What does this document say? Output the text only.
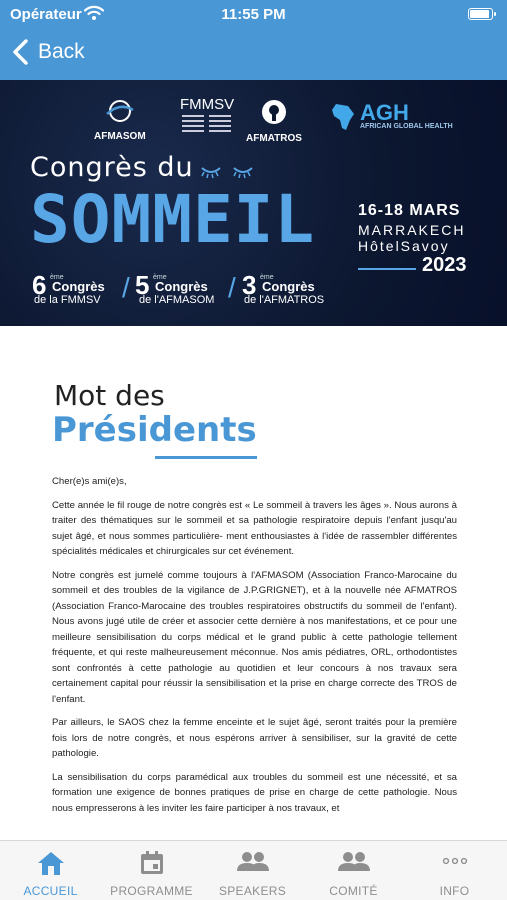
Opérateur	11:55 PM
Back
AFMASOM
FMMSV
AFMATROS
AGH
AFRICAN GLOBAL HEALTH
Congrès du
SOMMEIL	16-18 MARS
MARRAKECH
HôtelSavoy
2023
6 ème
Congrès
de la FMMSV / 5 ème
Congrès
de l'AFMASOM / 3 ème
Congrès
de l'AFMATROS
Mot des
Présidents

Cher(e)s ami(e)s,

Cette année le fil rouge de notre congrès est « Le sommeil à travers les âges ». Nous aurons à traiter des thématiques sur le sommeil et sa pathologie respiratoire depuis l'enfant jusqu'au sujet âgé, et nous sommes particulière- ment enthousiastes à l'idée de rassembler différentes spécialités médicales et chirurgicales sur cet événement.

Notre congrès est jumelé comme toujours à l'AFMASOM (Association Franco-Marocaine du sommeil et des troubles de la vigilance de J.P.GRIGNET), et à la nouvelle née AFMATROS (Association Franco-Marocaine des troubles respiratoires obstructifs du sommeil de l'enfant). Nous avons jugé utile de créer et associer cette dernière à nos manifestations, et ce pour une meilleure sensibilisation du corps médical et le grand public à cette pathologie tellement fréquente, et qui reste malheureusement méconnue. Nos amis pédiatres, ORL, orthodontistes sont confrontés à cette pathologie au quotidien et leur concours à nos travaux sera certainement capital pour réussir la sensibilisation et la prise en charge correcte des TROS de l'enfant.

Par ailleurs, le SAOS chez la femme enceinte et le sujet âgé, seront traités pour la première fois lors de notre congrès, et nous espérons arriver à sensibiliser, sur la gravité de cette pathologie.

La sensibilisation du corps paramédical aux troubles du sommeil est une nécessité, et sa formation une exigence de bonnes pratiques de prise en charge de cette pathologie. Nous nous empresserons à les inviter les faire participer à nos travaux, et

ACCUEIL	PROGRAMME	SPEAKERS	COMITÉ	INFO
